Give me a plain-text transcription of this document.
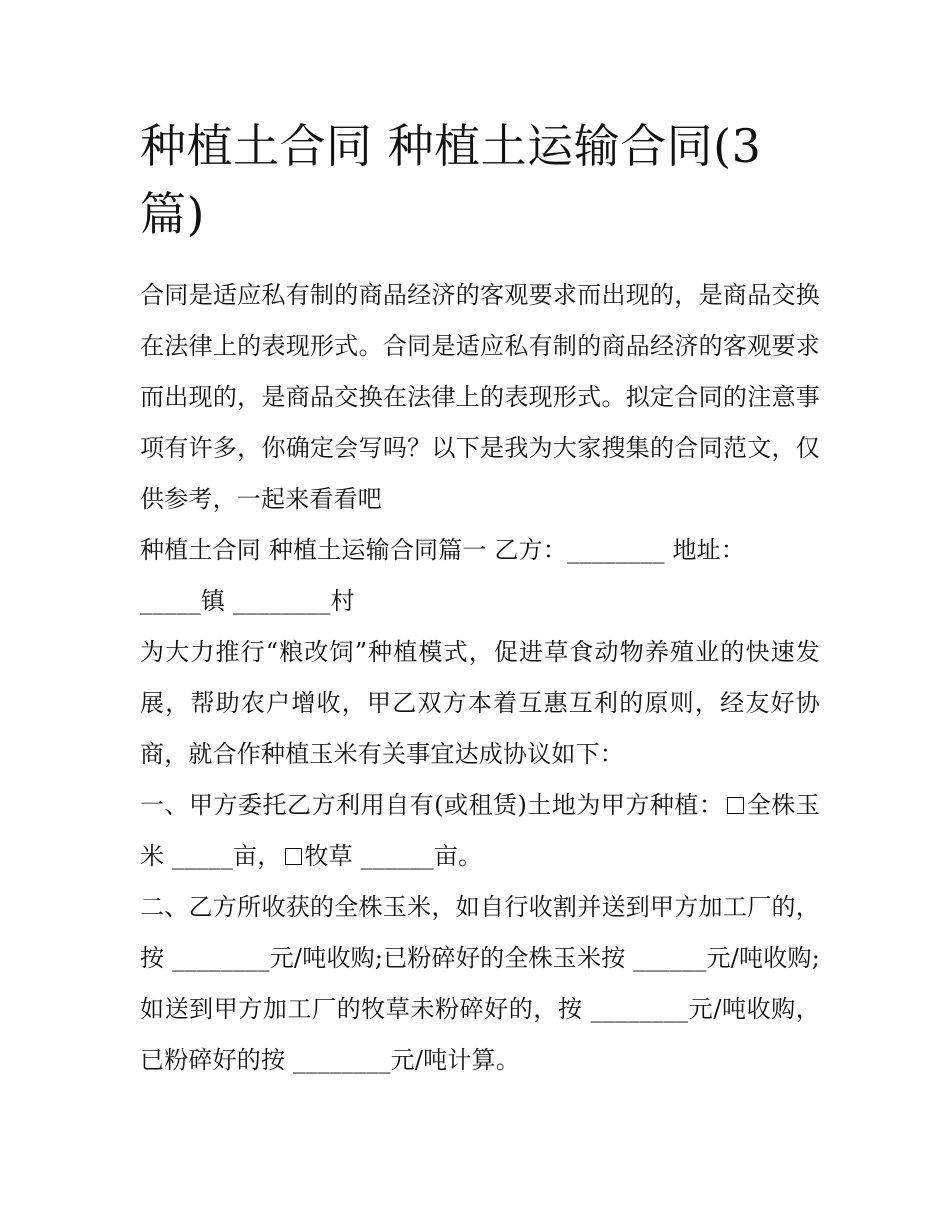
种植土合同 种植土运输合同(3
篇)

合同是适应私有制的商品经济的客观要求而出现的，是商品交换在法律上的表现形式。合同是适应私有制的商品经济的客观要求而出现的，是商品交换在法律上的表现形式。拟定合同的注意事项有许多，你确定会写吗？以下是我为大家搜集的合同范文，仅供参考，一起来看看吧

种植土合同 种植土运输合同篇一 乙方：________ 地址：

_____镇 ________村

为大力推行“粮改饲”种植模式，促进草食动物养殖业的快速发展，帮助农户增收，甲乙双方本着互惠互利的原则，经友好协商，就合作种植玉米有关事宜达成协议如下：

一、甲方委托乙方利用自有(或租赁)土地为甲方种植： 全株玉米 _____亩， 牧草 ______亩。

二、乙方所收获的全株玉米，如自行收割并送到甲方加工厂的，按 ________元/吨收购;已粉碎好的全株玉米按 ______元/吨收购;如送到甲方加工厂的牧草未粉碎好的，按 ________元/吨收购，已粉碎好的按 ________元/吨计算。
